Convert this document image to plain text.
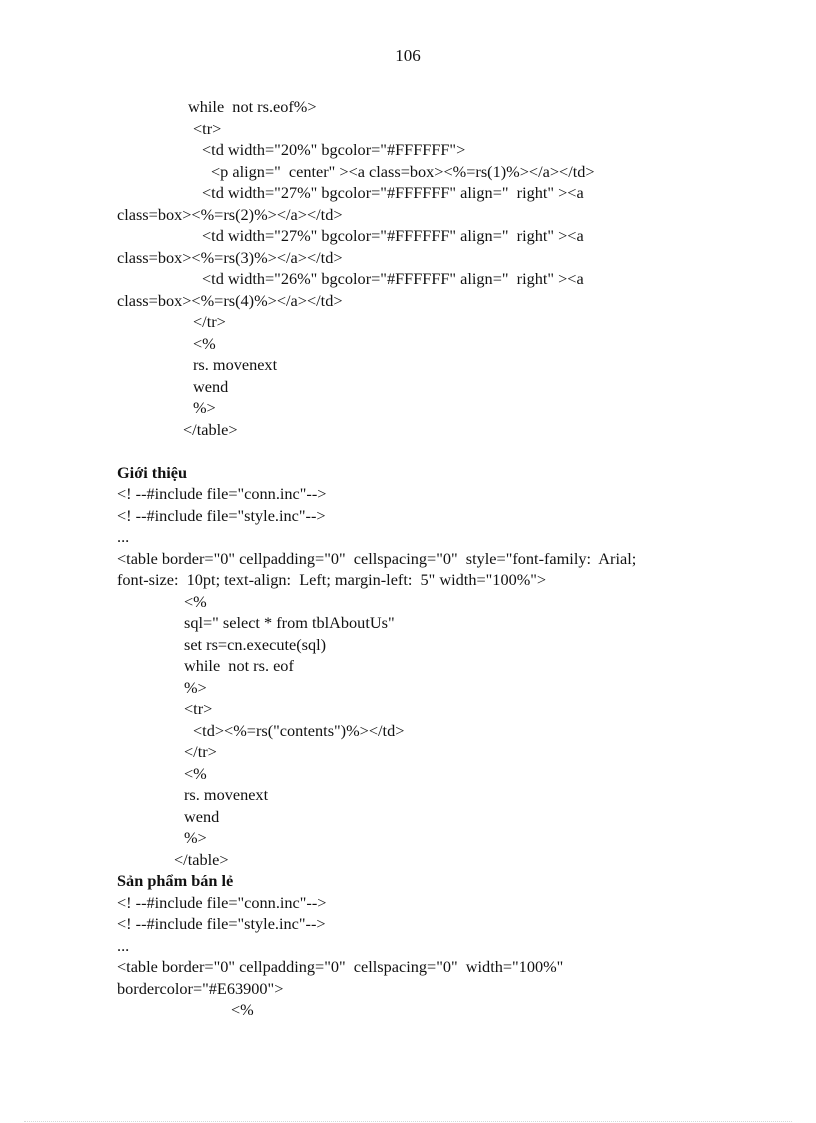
106
while  not rs.eof%>
<tr>
<td width="20%" bgcolor="#FFFFFF">
<p align="  center" ><a class=box><%=rs(1)%></a></td>
<td width="27%" bgcolor="#FFFFFF" align="  right" ><a
class=box><%=rs(2)%></a></td>
<td width="27%" bgcolor="#FFFFFF" align="  right" ><a
class=box><%=rs(3)%></a></td>
<td width="26%" bgcolor="#FFFFFF" align="  right" ><a
class=box><%=rs(4)%></a></td>
</tr>
<%
rs. movenext
wend
%>
</table>
Giới thiệu
<! --#include file="conn.inc"-->
<! --#include file="style.inc"-->
...
<table border="0" cellpadding="0"  cellspacing="0"  style="font-family:  Arial;
font-size:  10pt; text-align:  Left; margin-left:  5" width="100%">
<%
sql=" select * from tblAboutUs"
set rs=cn.execute(sql)
while  not rs. eof
%>
<tr>
<td><%=rs("contents")%></td>
</tr>
<%
rs. movenext
wend
%>
</table>
Sản phẩm bán lẻ
<! --#include file="conn.inc"-->
<! --#include file="style.inc"-->
...
<table border="0" cellpadding="0"  cellspacing="0"  width="100%"
bordercolor="#E63900">
<%
